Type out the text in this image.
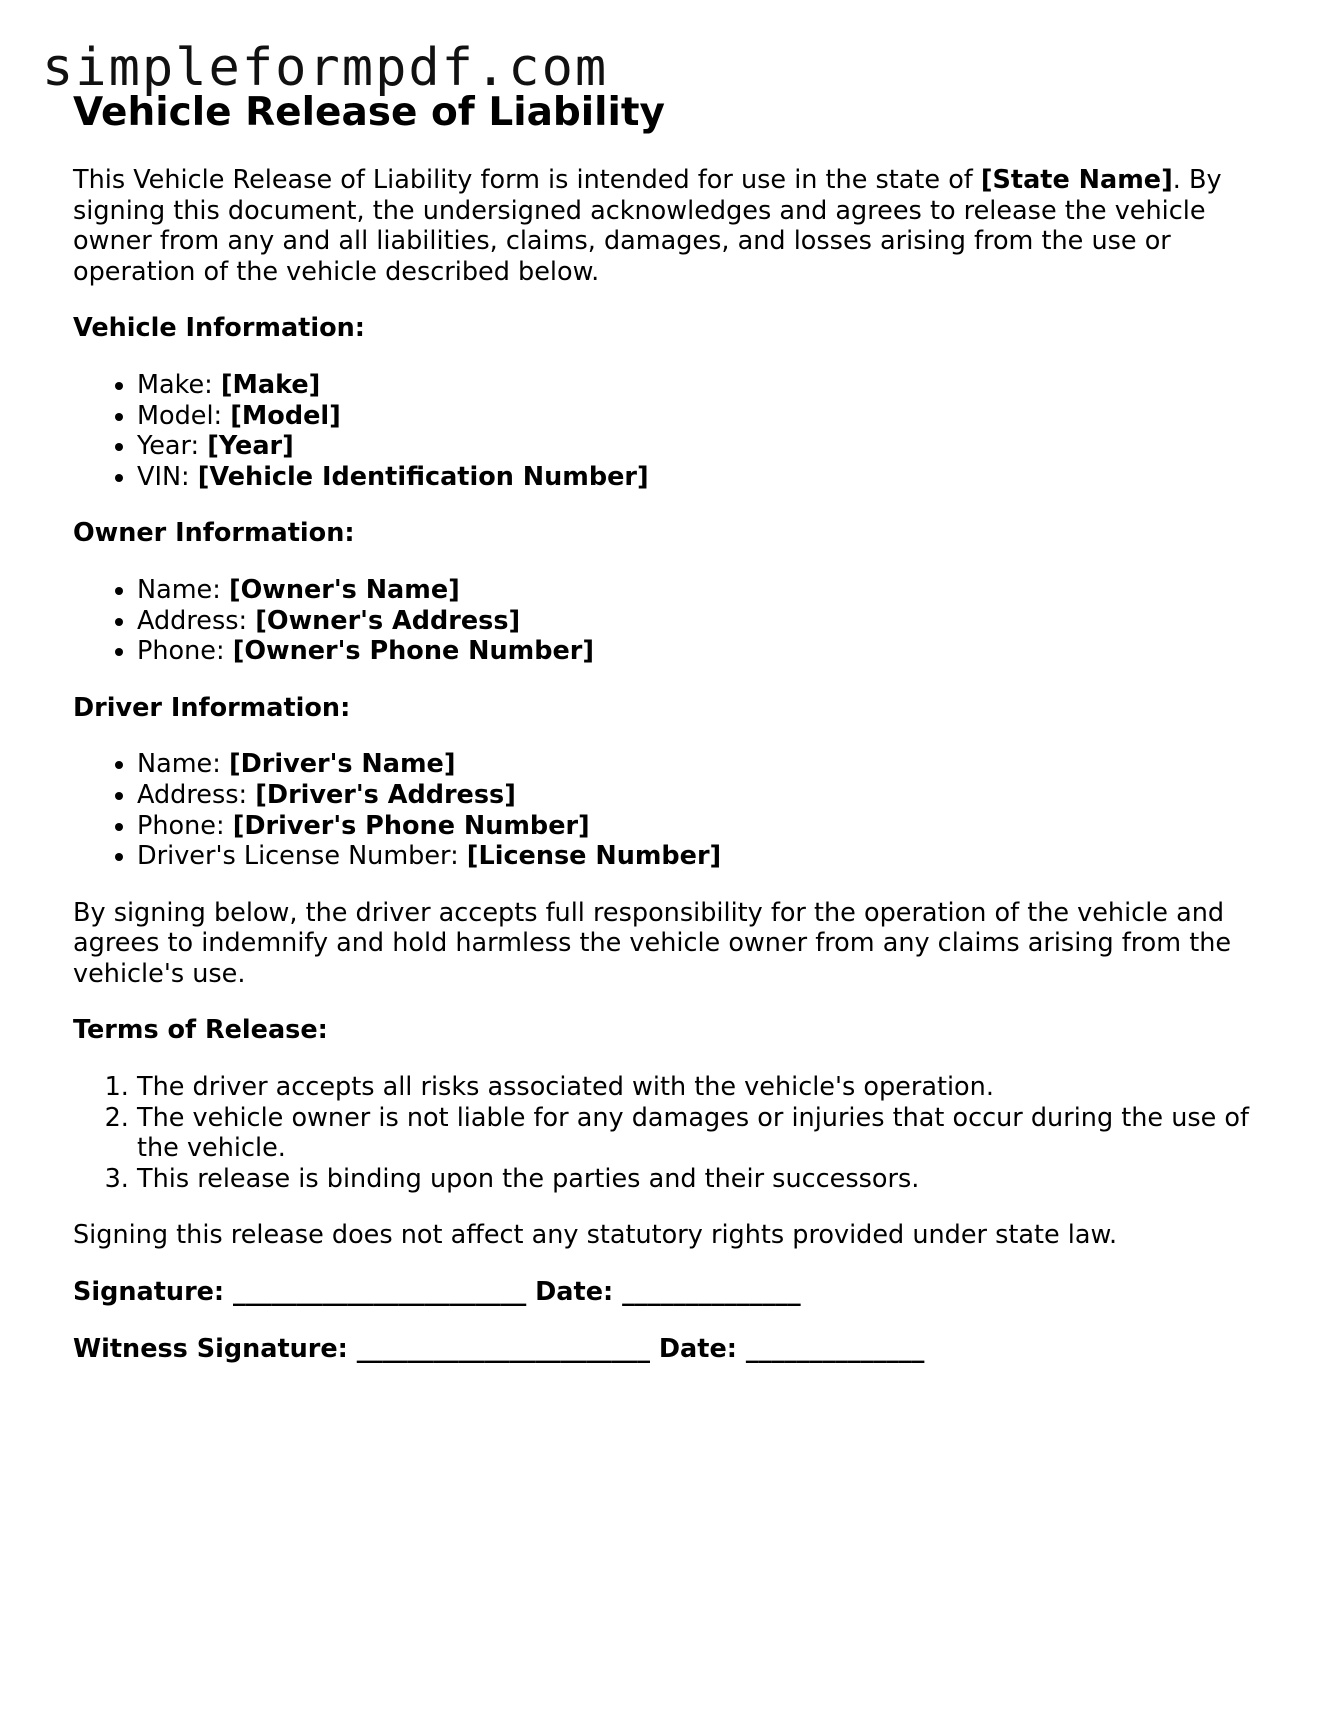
simpleformpdf.com
Vehicle Release of Liability

This Vehicle Release of Liability form is intended for use in the state of [State Name]. By signing this document, the undersigned acknowledges and agrees to release the vehicle owner from any and all liabilities, claims, damages, and losses arising from the use or operation of the vehicle described below.

Vehicle Information:

• Make: [Make]
• Model: [Model]
• Year: [Year]
• VIN: [Vehicle Identification Number]

Owner Information:

• Name: [Owner's Name]
• Address: [Owner's Address]
• Phone: [Owner's Phone Number]

Driver Information:

• Name: [Driver's Name]
• Address: [Driver's Address]
• Phone: [Driver's Phone Number]
• Driver's License Number: [License Number]

By signing below, the driver accepts full responsibility for the operation of the vehicle and agrees to indemnify and hold harmless the vehicle owner from any claims arising from the vehicle's use.

Terms of Release:

1. The driver accepts all risks associated with the vehicle's operation.
2. The vehicle owner is not liable for any damages or injuries that occur during the use of the vehicle.
3. This release is binding upon the parties and their successors.

Signing this release does not affect any statutory rights provided under state law.

Signature: _______________________ Date: ______________

Witness Signature: _______________________ Date: ______________
